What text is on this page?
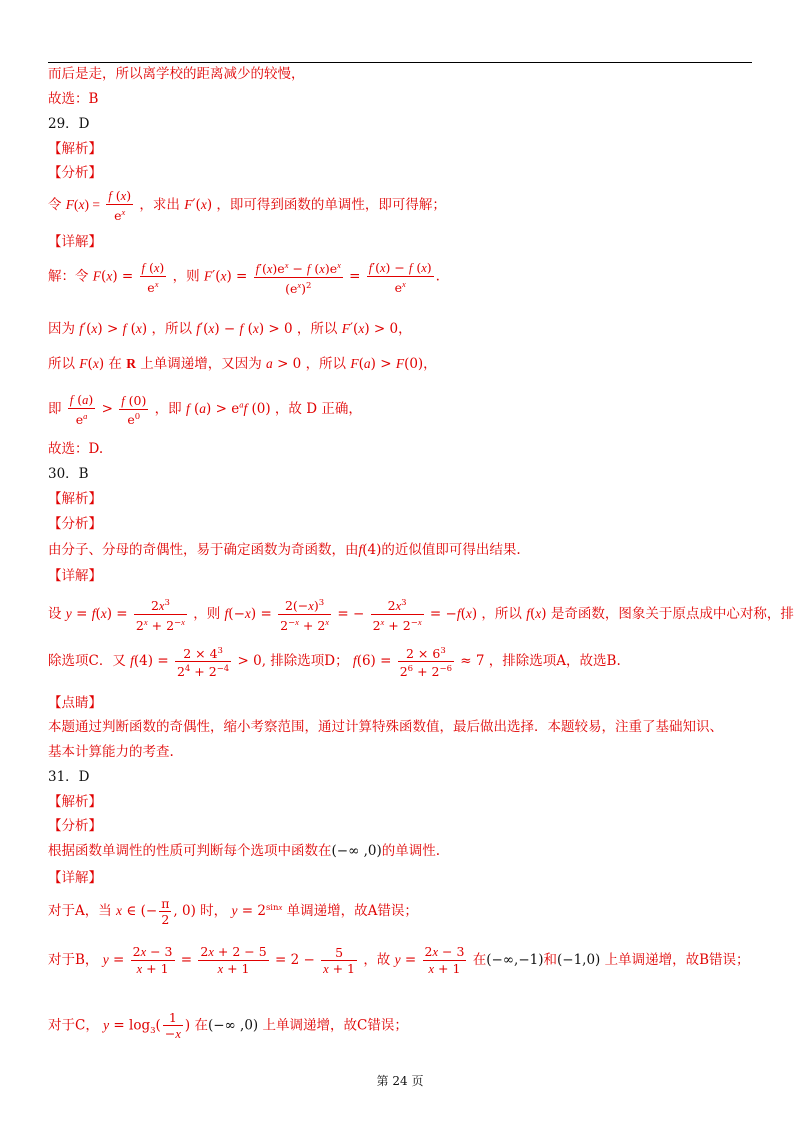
而后是走，所以离学校的距离减少的较慢，
故选：B
29．D
【解析】
【分析】
令 $F(x) = \frac{f (x)}{e^x}$ ，求出 F′(x) ，即可得到函数的单调性，即可得解；
【详解】
解：令 $F(x) = \frac{f (x)}{e^x}$ ，则 $F'(x) = \frac{f'(x)e^x - f (x)e^x}{(e^x)^2} = \frac{f'(x) - f (x)}{e^x}$ .
因为 f′(x) > f (x) ，所以 f′(x) − f (x) > 0 ，所以 F′(x) > 0，
所以 F(x) 在 R 上单调递增，又因为 a > 0 ，所以 F(a) > F(0)，
即 $\frac{f (a)}{e^a} > \frac{f (0)}{e^0}$ ，即 f $(a) > e^af$ (0) ，故 D 正确，
故选：D.
30．B
【解析】
【分析】
由分子、分母的奇偶性，易于确定函数为奇函数，由f(4)的近似值即可得出结果.
【详解】
设 $y = f(x) = \frac{2x^3}{2^x + 2^{-x}}$ ，则 $f(-x) = \frac{2(-x)^3}{2^{-x} + 2^x}$ = − $\frac{2x^3}{2^x + 2^{-x}} = -f(x)$ ，所以 f(x) 是奇函数，图象关于原点成中心对称，排
除选项C．又 $f(4) = \frac{2 \times 4^3}{2^4 + 2^{-4}} > 0$, 排除选项D； $f(6) = \frac{2 \times 6^3}{2^6 + 2^{-6}} \approx 7$ ，排除选项A，故选B.
【点睛】
本题通过判断函数的奇偶性，缩小考察范围，通过计算特殊函数值，最后做出选择．本题较易，注重了基础知识、
基本计算能力的考查.
31．D
【解析】
【分析】
根据函数单调性的性质可判断每个选项中函数在(−∞ ,0)的单调性.
【详解】
对于A，当 x ∈ (− $\frac{\pi}{2}$ , 0) 时， $y = 2^{sinx}$ 单调递增，故A错误；
对于B， $y = \frac{2x - 3}{x + 1} = \frac{2x + 2 - 5}{x + 1} = 2 - \frac{5}{x + 1}$ ，故 $y = \frac{2x - 3}{x + 1}$ 在(−∞,−1)和(−1,0) 上单调递增，故B错误；
对于C， $y = \log_3( \frac{1}{-x}$ ) 在(−∞ ,0) 上单调递增，故C错误；
第 24 页
